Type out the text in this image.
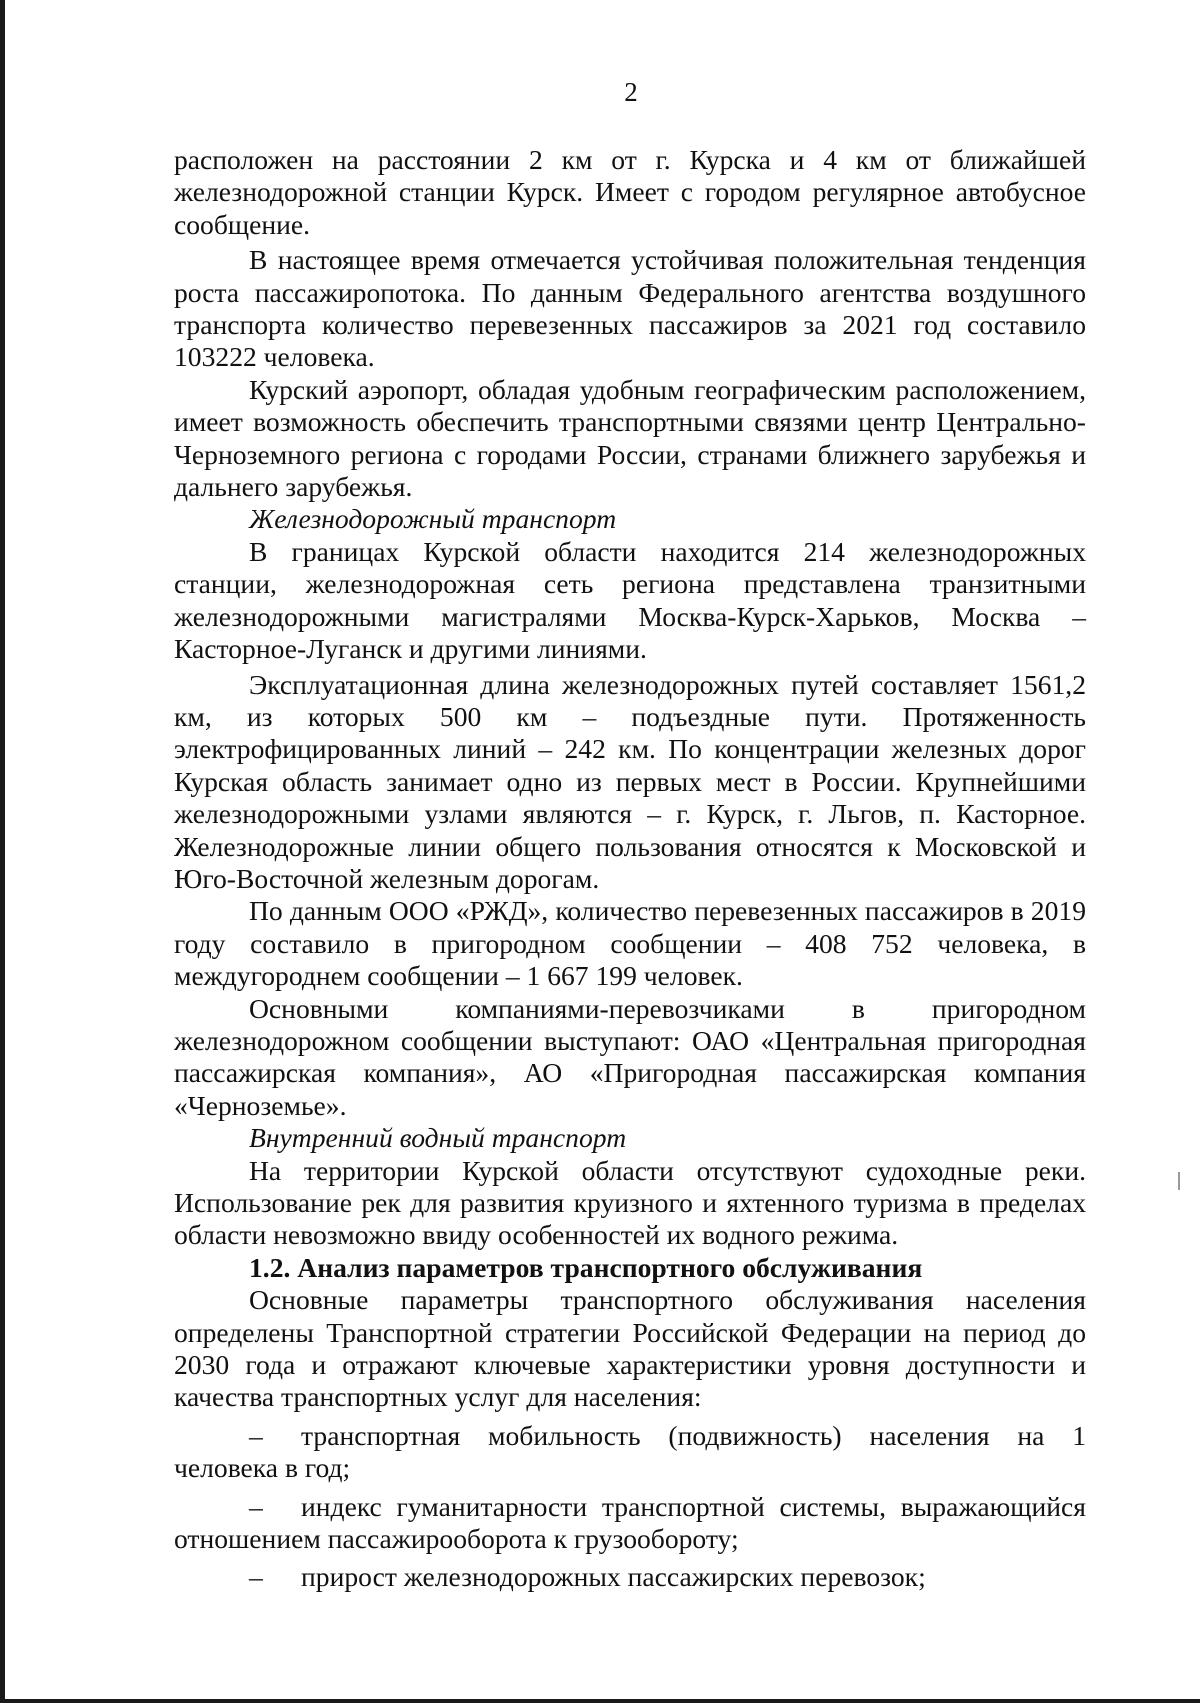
2

расположен на расстоянии 2 км от г. Курска и 4 км от ближайшей железнодорожной станции Курск. Имеет с городом регулярное автобусное сообщение.

В настоящее время отмечается устойчивая положительная тенденция роста пассажиропотока. По данным Федерального агентства воздушного транспорта количество перевезенных пассажиров за 2021 год составило 103222 человека.

Курский аэропорт, обладая удобным географическим расположением, имеет возможность обеспечить транспортными связями центр Центрально-Черноземного региона с городами России, странами ближнего зарубежья и дальнего зарубежья.

Железнодорожный транспорт

В границах Курской области находится 214 железнодорожных станции, железнодорожная сеть региона представлена транзитными железнодорожными магистралями Москва-Курск-Харьков, Москва – Касторное-Луганск и другими линиями.

Эксплуатационная длина железнодорожных путей составляет 1561,2 км, из которых 500 км – подъездные пути. Протяженность электрофицированных линий – 242 км. По концентрации железных дорог Курская область занимает одно из первых мест в России. Крупнейшими железнодорожными узлами являются – г. Курск, г. Льгов, п. Касторное. Железнодорожные линии общего пользования относятся к Московской и Юго-Восточной железным дорогам.

По данным ООО «РЖД», количество перевезенных пассажиров в 2019 году составило в пригородном сообщении – 408 752 человека, в междугороднем сообщении – 1 667 199 человек.

Основными компаниями-перевозчиками в пригородном железнодорожном сообщении выступают: ОАО «Центральная пригородная пассажирская компания», АО «Пригородная пассажирская компания «Черноземье».

Внутренний водный транспорт

На территории Курской области отсутствуют судоходные реки. Использование рек для развития круизного и яхтенного туризма в пределах области невозможно ввиду особенностей их водного режима.

1.2. Анализ параметров транспортного обслуживания

Основные параметры транспортного обслуживания населения определены Транспортной стратегии Российской Федерации на период до 2030 года и отражают ключевые характеристики уровня доступности и качества транспортных услуг для населения:

– транспортная мобильность (подвижность) населения на 1 человека в год;

– индекс гуманитарности транспортной системы, выражающийся отношением пассажирооборота к грузообороту;

– прирост железнодорожных пассажирских перевозок;
